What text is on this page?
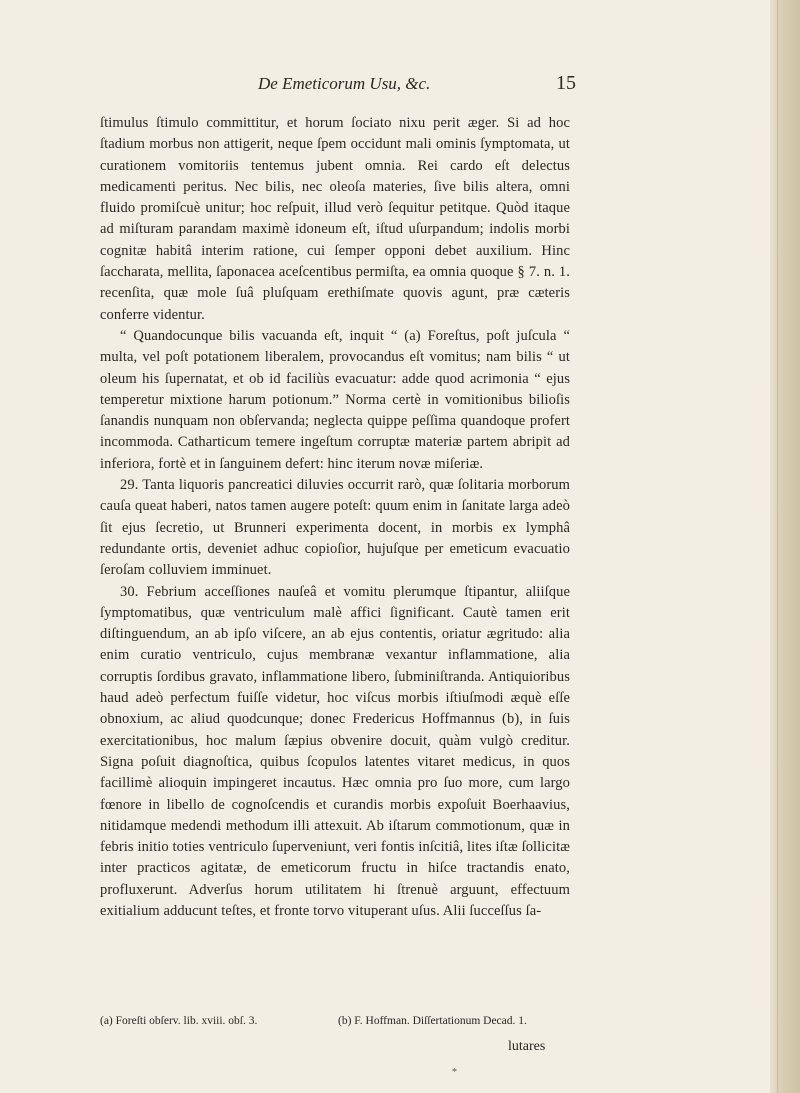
De Emeticorum Usu, &c.	15

ſtimulus ſtimulo committitur, et horum ſociato nixu perit æger. Si ad hoc ſtadium morbus non attigerit, neque ſpem occidunt mali ominis ſymptomata, ut curationem vomitoriis tentemus jubent omnia. Rei cardo eſt delectus medicamenti peritus. Nec bilis, nec oleoſa materies, ſive bilis altera, omni fluido promiſcuè unitur; hoc reſpuit, illud verò ſequitur petitque. Quòd itaque ad miſturam parandam maximè idoneum eſt, iſtud uſurpandum; indolis morbi cognitæ habitâ interim ratione, cui ſemper opponi debet auxilium. Hinc ſaccharata, mellita, ſaponacea aceſcentibus permiſta, ea omnia quoque § 7. n. 1. recenſita, quæ mole ſuâ pluſquam erethiſmate quovis agunt, præ cæteris conferre videntur.

“ Quandocunque bilis vacuanda eſt, inquit “ (a) Foreſtus, poſt juſcula “ multa, vel poſt potationem liberalem, provocandus eſt vomitus; nam bilis “ ut oleum his ſupernatat, et ob id faciliùs evacuatur: adde quod acrimonia “ ejus temperetur mixtione harum potionum.” Norma certè in vomitionibus bilioſis ſanandis nunquam non obſervanda; neglecta quippe peſſima quandoque profert incommoda. Catharticum temere ingeſtum corruptæ materiæ partem abripit ad inferiora, fortè et in ſanguinem defert: hinc iterum novæ miſeriæ.

29. Tanta liquoris pancreatici diluvies occurrit rarò, quæ ſolitaria morborum cauſa queat haberi, natos tamen augere poteſt: quum enim in ſanitate larga adeò ſit ejus ſecretio, ut Brunneri experimenta docent, in morbis ex lymphâ redundante ortis, deveniet adhuc copioſior, hujuſque per emeticum evacuatio ſeroſam colluviem imminuet.

30. Febrium acceſſiones nauſeâ et vomitu plerumque ſtipantur, aliiſque ſymptomatibus, quæ ventriculum malè affici ſignificant. Cautè tamen erit diſtinguendum, an ab ipſo viſcere, an ab ejus contentis, oriatur ægritudo: alia enim curatio ventriculo, cujus membranæ vexantur inflammatione, alia corruptis ſordibus gravato, inflammatione libero, ſubminiſtranda. Antiquioribus haud adeò perfectum fuiſſe videtur, hoc viſcus morbis iſtiuſmodi æquè eſſe obnoxium, ac aliud quodcunque; donec Fredericus Hoffmannus (b), in ſuis exercitationibus, hoc malum ſæpius obvenire docuit, quàm vulgò creditur. Signa poſuit diagnoſtica, quibus ſcopulos latentes vitaret medicus, in quos facillimè alioquin impingeret incautus. Hæc omnia pro ſuo more, cum largo fœnore in libello de cognoſcendis et curandis morbis expoſuit Boerhaavius, nitidamque medendi methodum illi attexuit. Ab iſtarum commotionum, quæ in febris initio toties ventriculo ſuperveniunt, veri fontis inſcitiâ, lites iſtæ ſollicitæ inter practicos agitatæ, de emeticorum fructu in hiſce tractandis enato, profluxerunt. Adverſus horum utilitatem hi ſtrenuè arguunt, effectuum exitialium adducunt teſtes, et fronte torvo vituperant uſus. Alii ſucceſſus ſa-

(a) Foreſti obſerv. lib. xviii. obſ. 3.	(b) F. Hoffman. Diſſertationum Decad. 1.
lutares
*
